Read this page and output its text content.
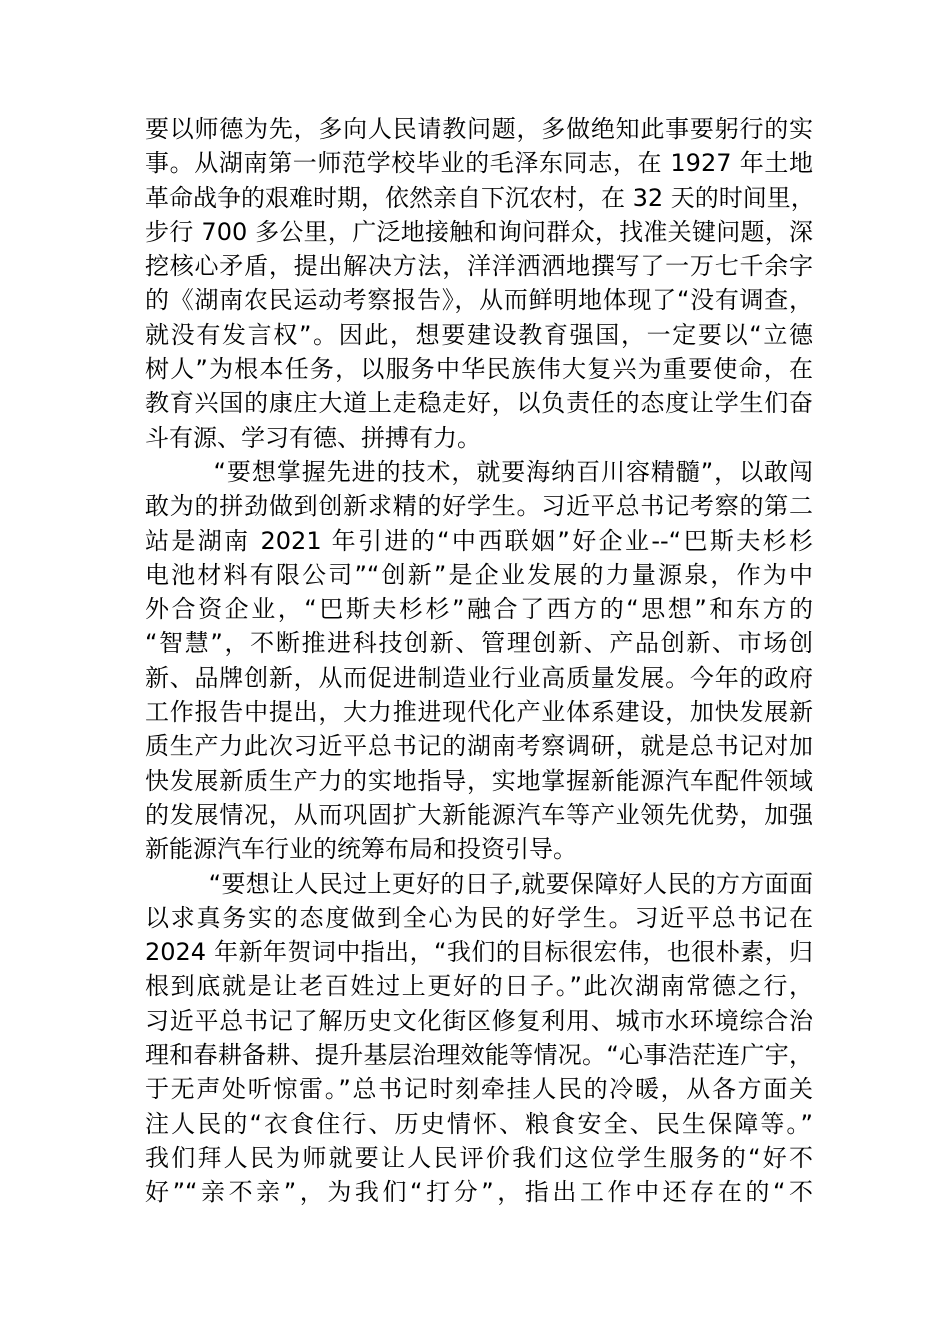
要以师德为先，多向人民请教问题，多做绝知此事要躬行的实
事。从湖南第一师范学校毕业的毛泽东同志，在 1927 年土地
革命战争的艰难时期，依然亲自下沉农村，在 32 天的时间里，
步行 700 多公里，广泛地接触和询问群众，找准关键问题，深
挖核心矛盾，提出解决方法，洋洋洒洒地撰写了一万七千余字
的《湖南农民运动考察报告》，从而鲜明地体现了“没有调查，
就没有发言权”。因此，想要建设教育强国，一定要以“立德
树人”为根本任务，以服务中华民族伟大复兴为重要使命，在
教育兴国的康庄大道上走稳走好，以负责任的态度让学生们奋
斗有源、学习有德、拼搏有力。
“要想掌握先进的技术，就要海纳百川容精髓”，以敢闯
敢为的拼劲做到创新求精的好学生。习近平总书记考察的第二
站是湖南 2021 年引进的“中西联姻”好企业--“巴斯夫杉杉
电池材料有限公司”“创新”是企业发展的力量源泉，作为中
外合资企业，“巴斯夫杉杉”融合了西方的“思想”和东方的
“智慧”，不断推进科技创新、管理创新、产品创新、市场创
新、品牌创新，从而促进制造业行业高质量发展。今年的政府
工作报告中提出，大力推进现代化产业体系建设，加快发展新
质生产力此次习近平总书记的湖南考察调研，就是总书记对加
快发展新质生产力的实地指导，实地掌握新能源汽车配件领域
的发展情况，从而巩固扩大新能源汽车等产业领先优势，加强
新能源汽车行业的统筹布局和投资引导。
“要想让人民过上更好的日子,就要保障好人民的方方面面
以求真务实的态度做到全心为民的好学生。习近平总书记在
2024 年新年贺词中指出，“我们的目标很宏伟，也很朴素，归
根到底就是让老百姓过上更好的日子。”此次湖南常德之行，
习近平总书记了解历史文化街区修复利用、城市水环境综合治
理和春耕备耕、提升基层治理效能等情况。“心事浩茫连广宇，
于无声处听惊雷。”总书记时刻牵挂人民的冷暖，从各方面关
注人民的“衣食住行、历史情怀、粮食安全、民生保障等。”
我们拜人民为师就要让人民评价我们这位学生服务的“好不
好”“亲不亲”，为我们“打分”，指出工作中还存在的“不
